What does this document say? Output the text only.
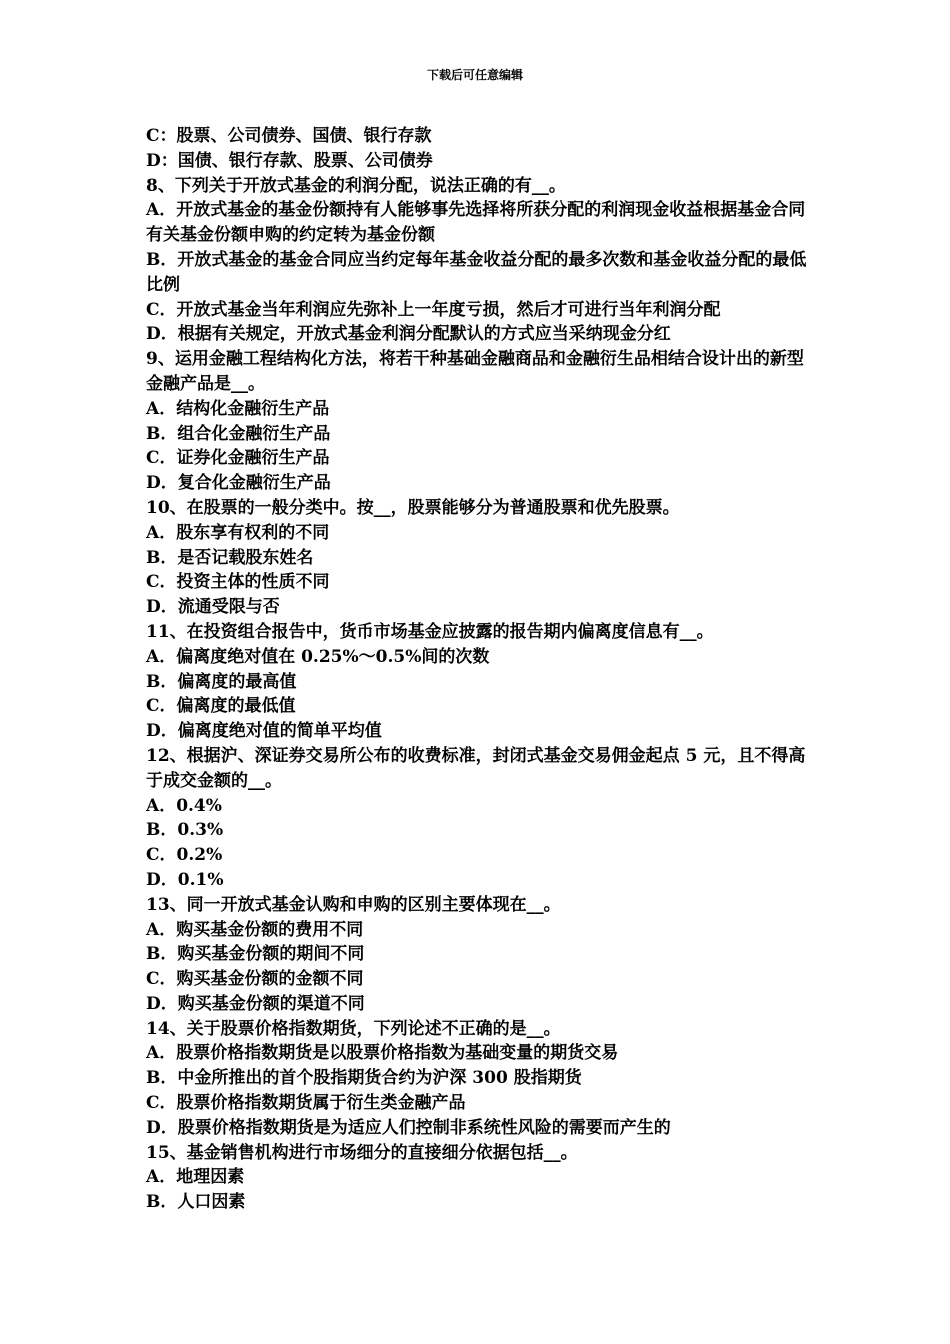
下载后可任意编辑
C：股票、公司债券、国债、银行存款
D：国债、银行存款、股票、公司债券
8、下列关于开放式基金的利润分配，说法正确的有__。
A．开放式基金的基金份额持有人能够事先选择将所获分配的利润现金收益根据基金合同有关基金份额申购的约定转为基金份额
B．开放式基金的基金合同应当约定每年基金收益分配的最多次数和基金收益分配的最低比例
C．开放式基金当年利润应先弥补上一年度亏损，然后才可进行当年利润分配
D．根据有关规定，开放式基金利润分配默认的方式应当采纳现金分红
9、运用金融工程结构化方法，将若干种基础金融商品和金融衍生品相结合设计出的新型金融产品是__。
A．结构化金融衍生产品
B．组合化金融衍生产品
C．证券化金融衍生产品
D．复合化金融衍生产品
10、在股票的一般分类中。按__，股票能够分为普通股票和优先股票。
A．股东享有权利的不同
B．是否记载股东姓名
C．投资主体的性质不同
D．流通受限与否
11、在投资组合报告中，货币市场基金应披露的报告期内偏离度信息有__。
A．偏离度绝对值在 0.25%～0.5%间的次数
B．偏离度的最高值
C．偏离度的最低值
D．偏离度绝对值的简单平均值
12、根据沪、深证券交易所公布的收费标准，封闭式基金交易佣金起点 5 元，且不得高于成交金额的__。
A．0.4%
B．0.3%
C．0.2%
D．0.1%
13、同一开放式基金认购和申购的区别主要体现在__。
A．购买基金份额的费用不同
B．购买基金份额的期间不同
C．购买基金份额的金额不同
D．购买基金份额的渠道不同
14、关于股票价格指数期货，下列论述不正确的是__。
A．股票价格指数期货是以股票价格指数为基础变量的期货交易
B．中金所推出的首个股指期货合约为沪深 300 股指期货
C．股票价格指数期货属于衍生类金融产品
D．股票价格指数期货是为适应人们控制非系统性风险的需要而产生的
15、基金销售机构进行市场细分的直接细分依据包括__。
A．地理因素
B．人口因素
